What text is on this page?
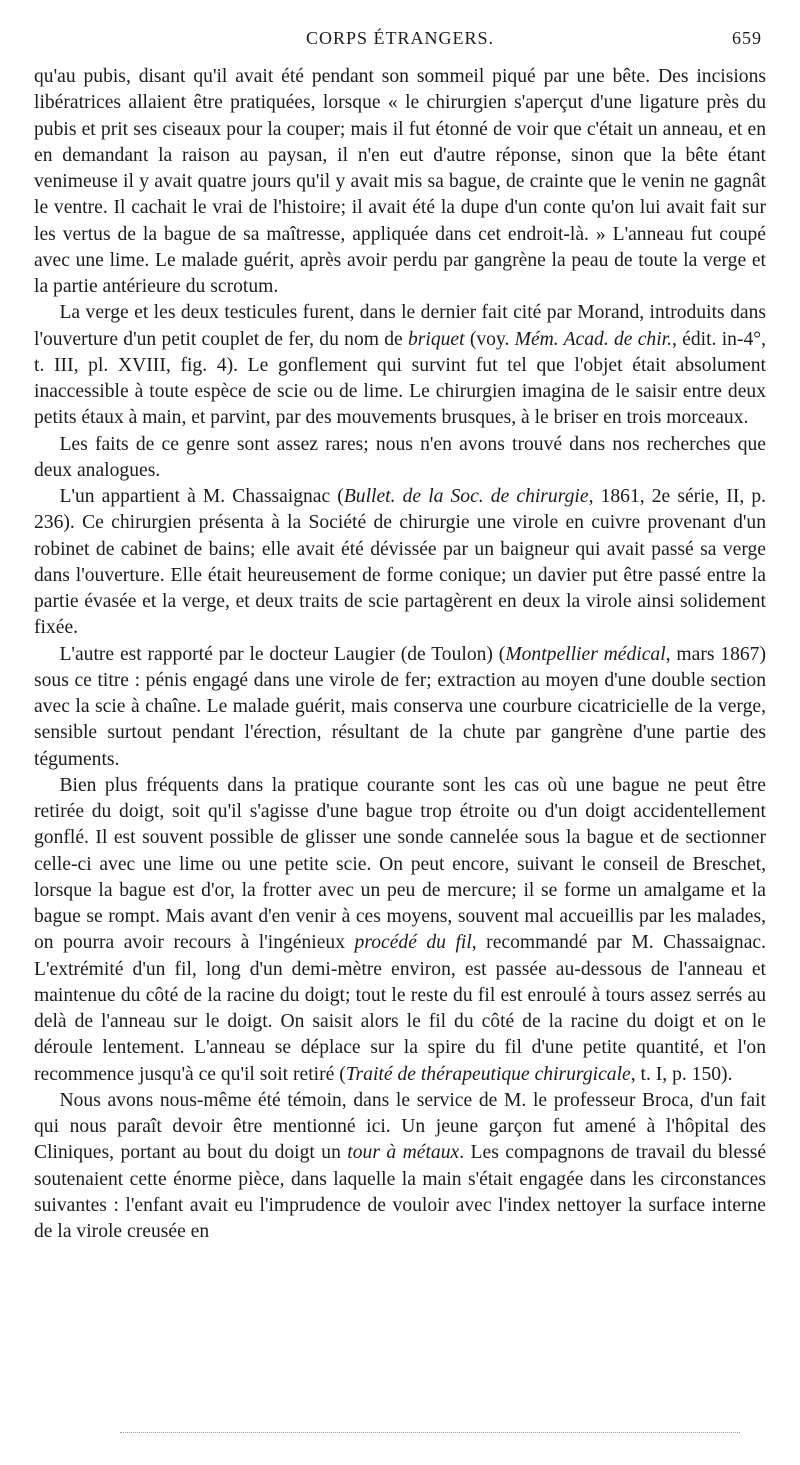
CORPS ÉTRANGERS.	659

qu'au pubis, disant qu'il avait été pendant son sommeil piqué par une bête. Des incisions libératrices allaient être pratiquées, lorsque « le chirurgien s'aperçut d'une ligature près du pubis et prit ses ciseaux pour la couper; mais il fut étonné de voir que c'était un anneau, et en en demandant la raison au paysan, il n'en eut d'autre réponse, sinon que la bête étant venimeuse il y avait quatre jours qu'il y avait mis sa bague, de crainte que le venin ne gagnât le ventre. Il cachait le vrai de l'histoire; il avait été la dupe d'un conte qu'on lui avait fait sur les vertus de la bague de sa maîtresse, appliquée dans cet endroit-là. » L'anneau fut coupé avec une lime. Le malade guérit, après avoir perdu par gangrène la peau de toute la verge et la partie antérieure du scrotum.

La verge et les deux testicules furent, dans le dernier fait cité par Morand, introduits dans l'ouverture d'un petit couplet de fer, du nom de briquet (voy. Mém. Acad. de chir., édit. in-4°, t. III, pl. XVIII, fig. 4). Le gonflement qui survint fut tel que l'objet était absolument inaccessible à toute espèce de scie ou de lime. Le chirurgien imagina de le saisir entre deux petits étaux à main, et parvint, par des mouvements brusques, à le briser en trois morceaux.

Les faits de ce genre sont assez rares; nous n'en avons trouvé dans nos recherches que deux analogues.

L'un appartient à M. Chassaignac (Bullet. de la Soc. de chirurgie, 1861, 2e série, II, p. 236). Ce chirurgien présenta à la Société de chirurgie une virole en cuivre provenant d'un robinet de cabinet de bains; elle avait été dévissée par un baigneur qui avait passé sa verge dans l'ouverture. Elle était heureusement de forme conique; un davier put être passé entre la partie évasée et la verge, et deux traits de scie partagèrent en deux la virole ainsi solidement fixée.

L'autre est rapporté par le docteur Laugier (de Toulon) (Montpellier médical, mars 1867) sous ce titre : pénis engagé dans une virole de fer; extraction au moyen d'une double section avec la scie à chaîne. Le malade guérit, mais conserva une courbure cicatricielle de la verge, sensible surtout pendant l'érection, résultant de la chute par gangrène d'une partie des téguments.

Bien plus fréquents dans la pratique courante sont les cas où une bague ne peut être retirée du doigt, soit qu'il s'agisse d'une bague trop étroite ou d'un doigt accidentellement gonflé. Il est souvent possible de glisser une sonde cannelée sous la bague et de sectionner celle-ci avec une lime ou une petite scie. On peut encore, suivant le conseil de Breschet, lorsque la bague est d'or, la frotter avec un peu de mercure; il se forme un amalgame et la bague se rompt. Mais avant d'en venir à ces moyens, souvent mal accueillis par les malades, on pourra avoir recours à l'ingénieux procédé du fil, recommandé par M. Chassaignac. L'extrémité d'un fil, long d'un demi-mètre environ, est passée au-dessous de l'anneau et maintenue du côté de la racine du doigt; tout le reste du fil est enroulé à tours assez serrés au delà de l'anneau sur le doigt. On saisit alors le fil du côté de la racine du doigt et on le déroule lentement. L'anneau se déplace sur la spire du fil d'une petite quantité, et l'on recommence jusqu'à ce qu'il soit retiré (Traité de thérapeutique chirurgicale, t. I, p. 150).

Nous avons nous-même été témoin, dans le service de M. le professeur Broca, d'un fait qui nous paraît devoir être mentionné ici. Un jeune garçon fut amené à l'hôpital des Cliniques, portant au bout du doigt un tour à métaux. Les compagnons de travail du blessé soutenaient cette énorme pièce, dans laquelle la main s'était engagée dans les circonstances suivantes : l'enfant avait eu l'imprudence de vouloir avec l'index nettoyer la surface interne de la virole creusée en
